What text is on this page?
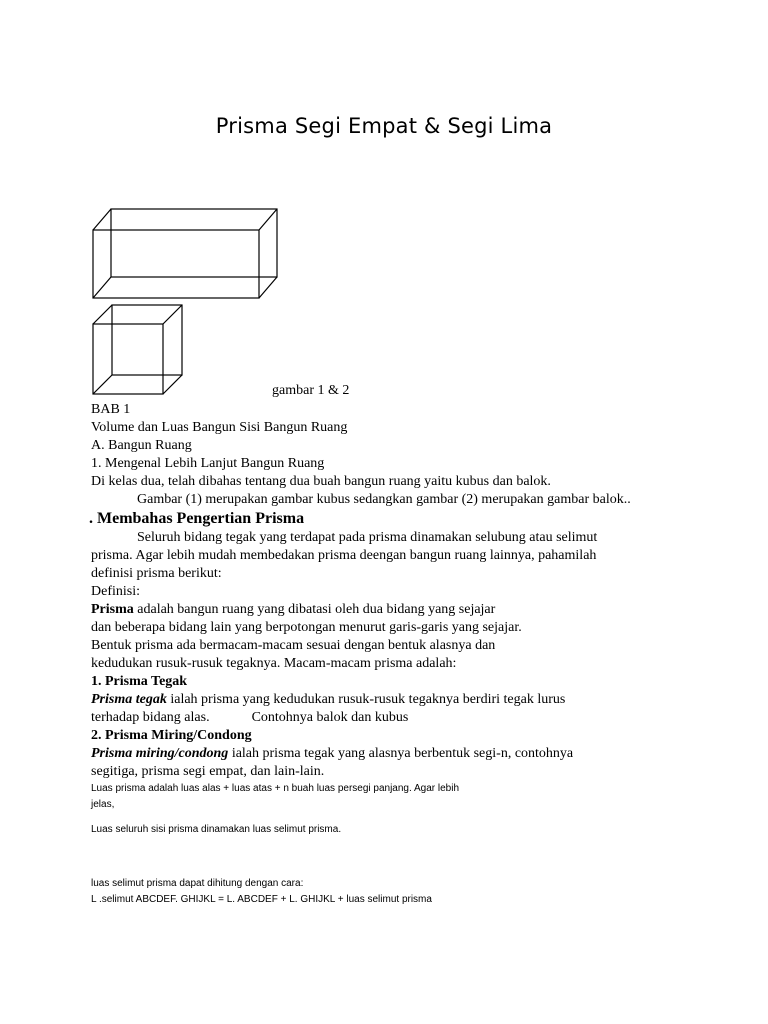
Prisma Segi Empat & Segi Lima
gambar 1 & 2
BAB 1
Volume dan Luas Bangun Sisi Bangun Ruang
A. Bangun Ruang
1. Mengenal Lebih Lanjut Bangun Ruang
Di kelas dua, telah dibahas tentang dua buah bangun ruang yaitu kubus dan balok.
Gambar (1) merupakan gambar kubus sedangkan gambar (2) merupakan gambar balok..
. Membahas Pengertian Prisma
Seluruh bidang tegak yang terdapat pada prisma dinamakan selubung atau selimut
prisma. Agar lebih mudah membedakan prisma deengan bangun ruang lainnya, pahamilah
definisi prisma berikut:
Definisi:
Prisma adalah bangun ruang yang dibatasi oleh dua bidang yang sejajar
dan beberapa bidang lain yang berpotongan menurut garis-garis yang sejajar.
Bentuk prisma ada bermacam-macam sesuai dengan bentuk alasnya dan
kedudukan rusuk-rusuk tegaknya. Macam-macam prisma adalah:
1. Prisma Tegak
Prisma tegak ialah prisma yang kedudukan rusuk-rusuk tegaknya berdiri tegak lurus
terhadap bidang alas.	Contohnya balok dan kubus
2. Prisma Miring/Condong
Prisma miring/condong ialah prisma tegak yang alasnya berbentuk segi-n, contohnya
segitiga, prisma segi empat, dan lain-lain.
Luas prisma adalah luas alas + luas atas + n buah luas persegi panjang. Agar lebih
jelas,
Luas seluruh sisi prisma dinamakan luas selimut prisma.
luas selimut prisma dapat dihitung dengan cara:
L .selimut ABCDEF. GHIJKL = L. ABCDEF + L. GHIJKL + luas selimut prisma
